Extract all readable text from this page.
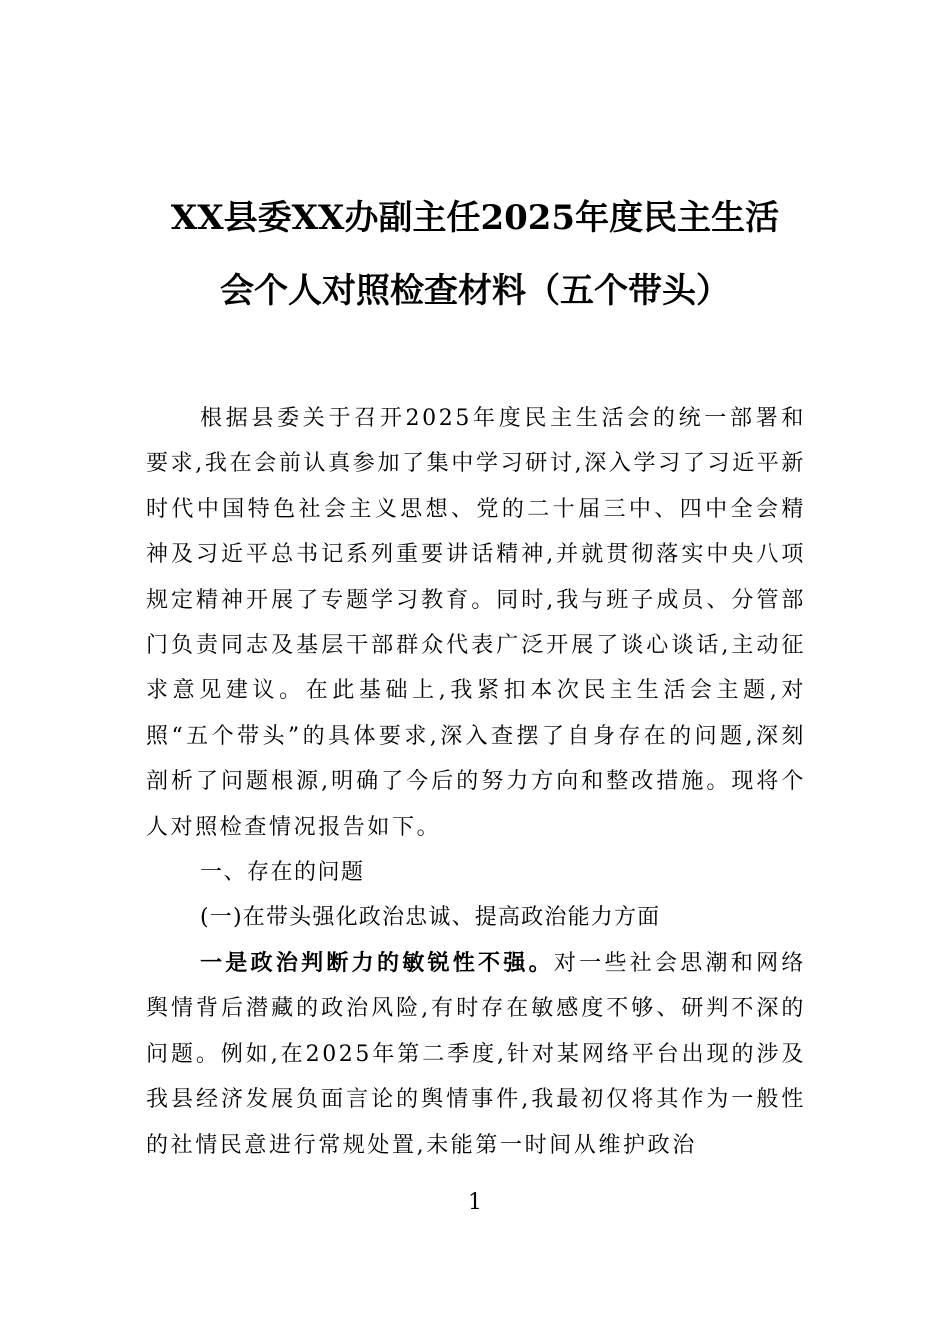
XX县委XX办副主任2025年度民主生活
会个人对照检查材料（五个带头）

根据县委关于召开2025年度民主生活会的统一部署和要求,我在会前认真参加了集中学习研讨,深入学习了习近平新时代中国特色社会主义思想、党的二十届三中、四中全会精神及习近平总书记系列重要讲话精神,并就贯彻落实中央八项规定精神开展了专题学习教育。同时,我与班子成员、分管部门负责同志及基层干部群众代表广泛开展了谈心谈话,主动征求意见建议。在此基础上,我紧扣本次民主生活会主题,对照“五个带头”的具体要求,深入查摆了自身存在的问题,深刻剖析了问题根源,明确了今后的努力方向和整改措施。现将个人对照检查情况报告如下。

一、存在的问题

(一)在带头强化政治忠诚、提高政治能力方面

一是政治判断力的敏锐性不强。对一些社会思潮和网络舆情背后潜藏的政治风险,有时存在敏感度不够、研判不深的问题。例如,在2025年第二季度,针对某网络平台出现的涉及我县经济发展负面言论的舆情事件,我最初仅将其作为一般性的社情民意进行常规处置,未能第一时间从维护政治

1
